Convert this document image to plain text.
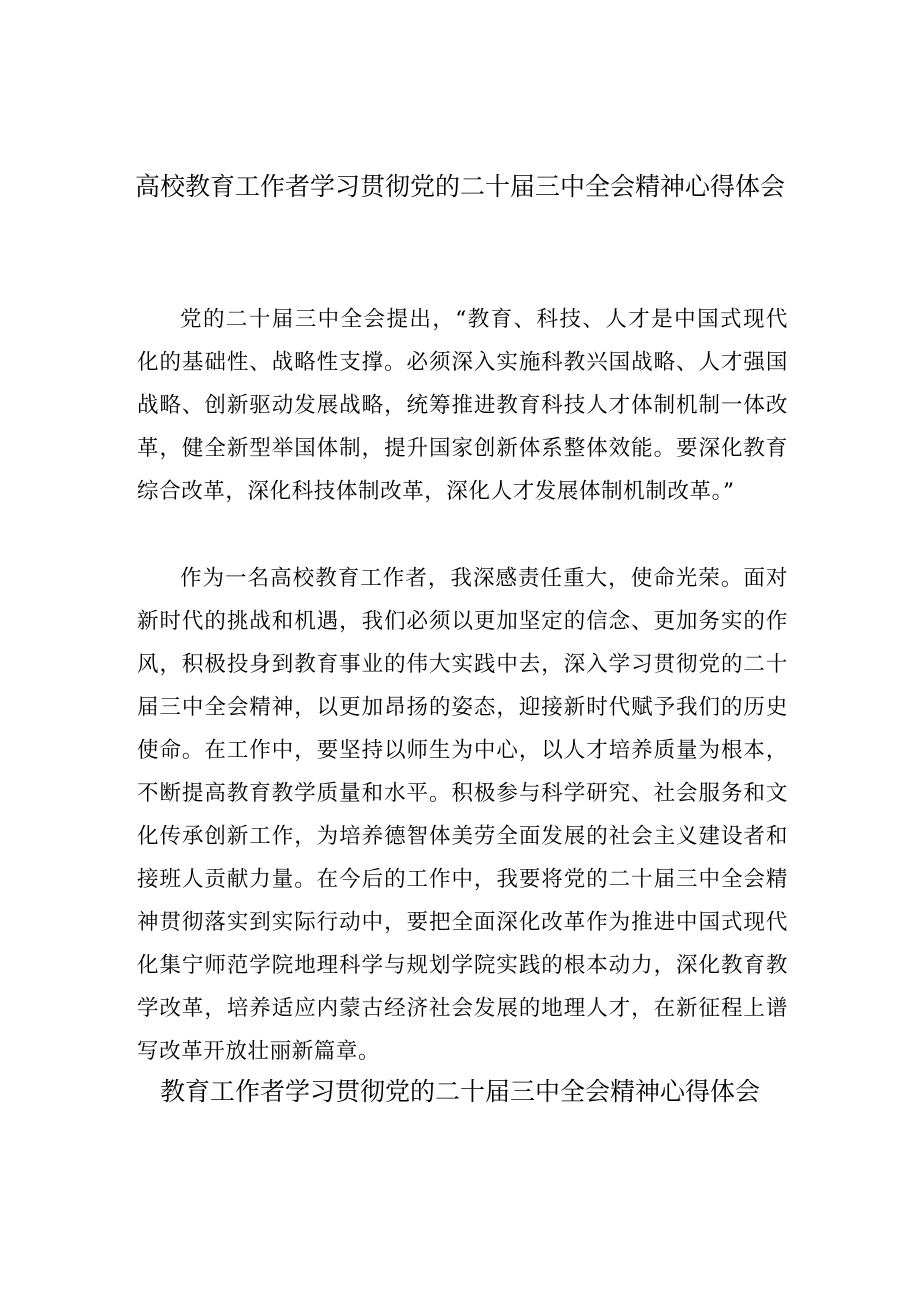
高校教育工作者学习贯彻党的二十届三中全会精神心得体会

党的二十届三中全会提出，“教育、科技、人才是中国式现代化的基础性、战略性支撑。必须深入实施科教兴国战略、人才强国战略、创新驱动发展战略，统筹推进教育科技人才体制机制一体改革，健全新型举国体制，提升国家创新体系整体效能。要深化教育综合改革，深化科技体制改革，深化人才发展体制机制改革。”

作为一名高校教育工作者，我深感责任重大，使命光荣。面对新时代的挑战和机遇，我们必须以更加坚定的信念、更加务实的作风，积极投身到教育事业的伟大实践中去，深入学习贯彻党的二十届三中全会精神，以更加昂扬的姿态，迎接新时代赋予我们的历史使命。在工作中，要坚持以师生为中心，以人才培养质量为根本，不断提高教育教学质量和水平。积极参与科学研究、社会服务和文化传承创新工作，为培养德智体美劳全面发展的社会主义建设者和接班人贡献力量。在今后的工作中，我要将党的二十届三中全会精神贯彻落实到实际行动中，要把全面深化改革作为推进中国式现代化集宁师范学院地理科学与规划学院实践的根本动力，深化教育教学改革，培养适应内蒙古经济社会发展的地理人才，在新征程上谱写改革开放壮丽新篇章。

教育工作者学习贯彻党的二十届三中全会精神心得体会
